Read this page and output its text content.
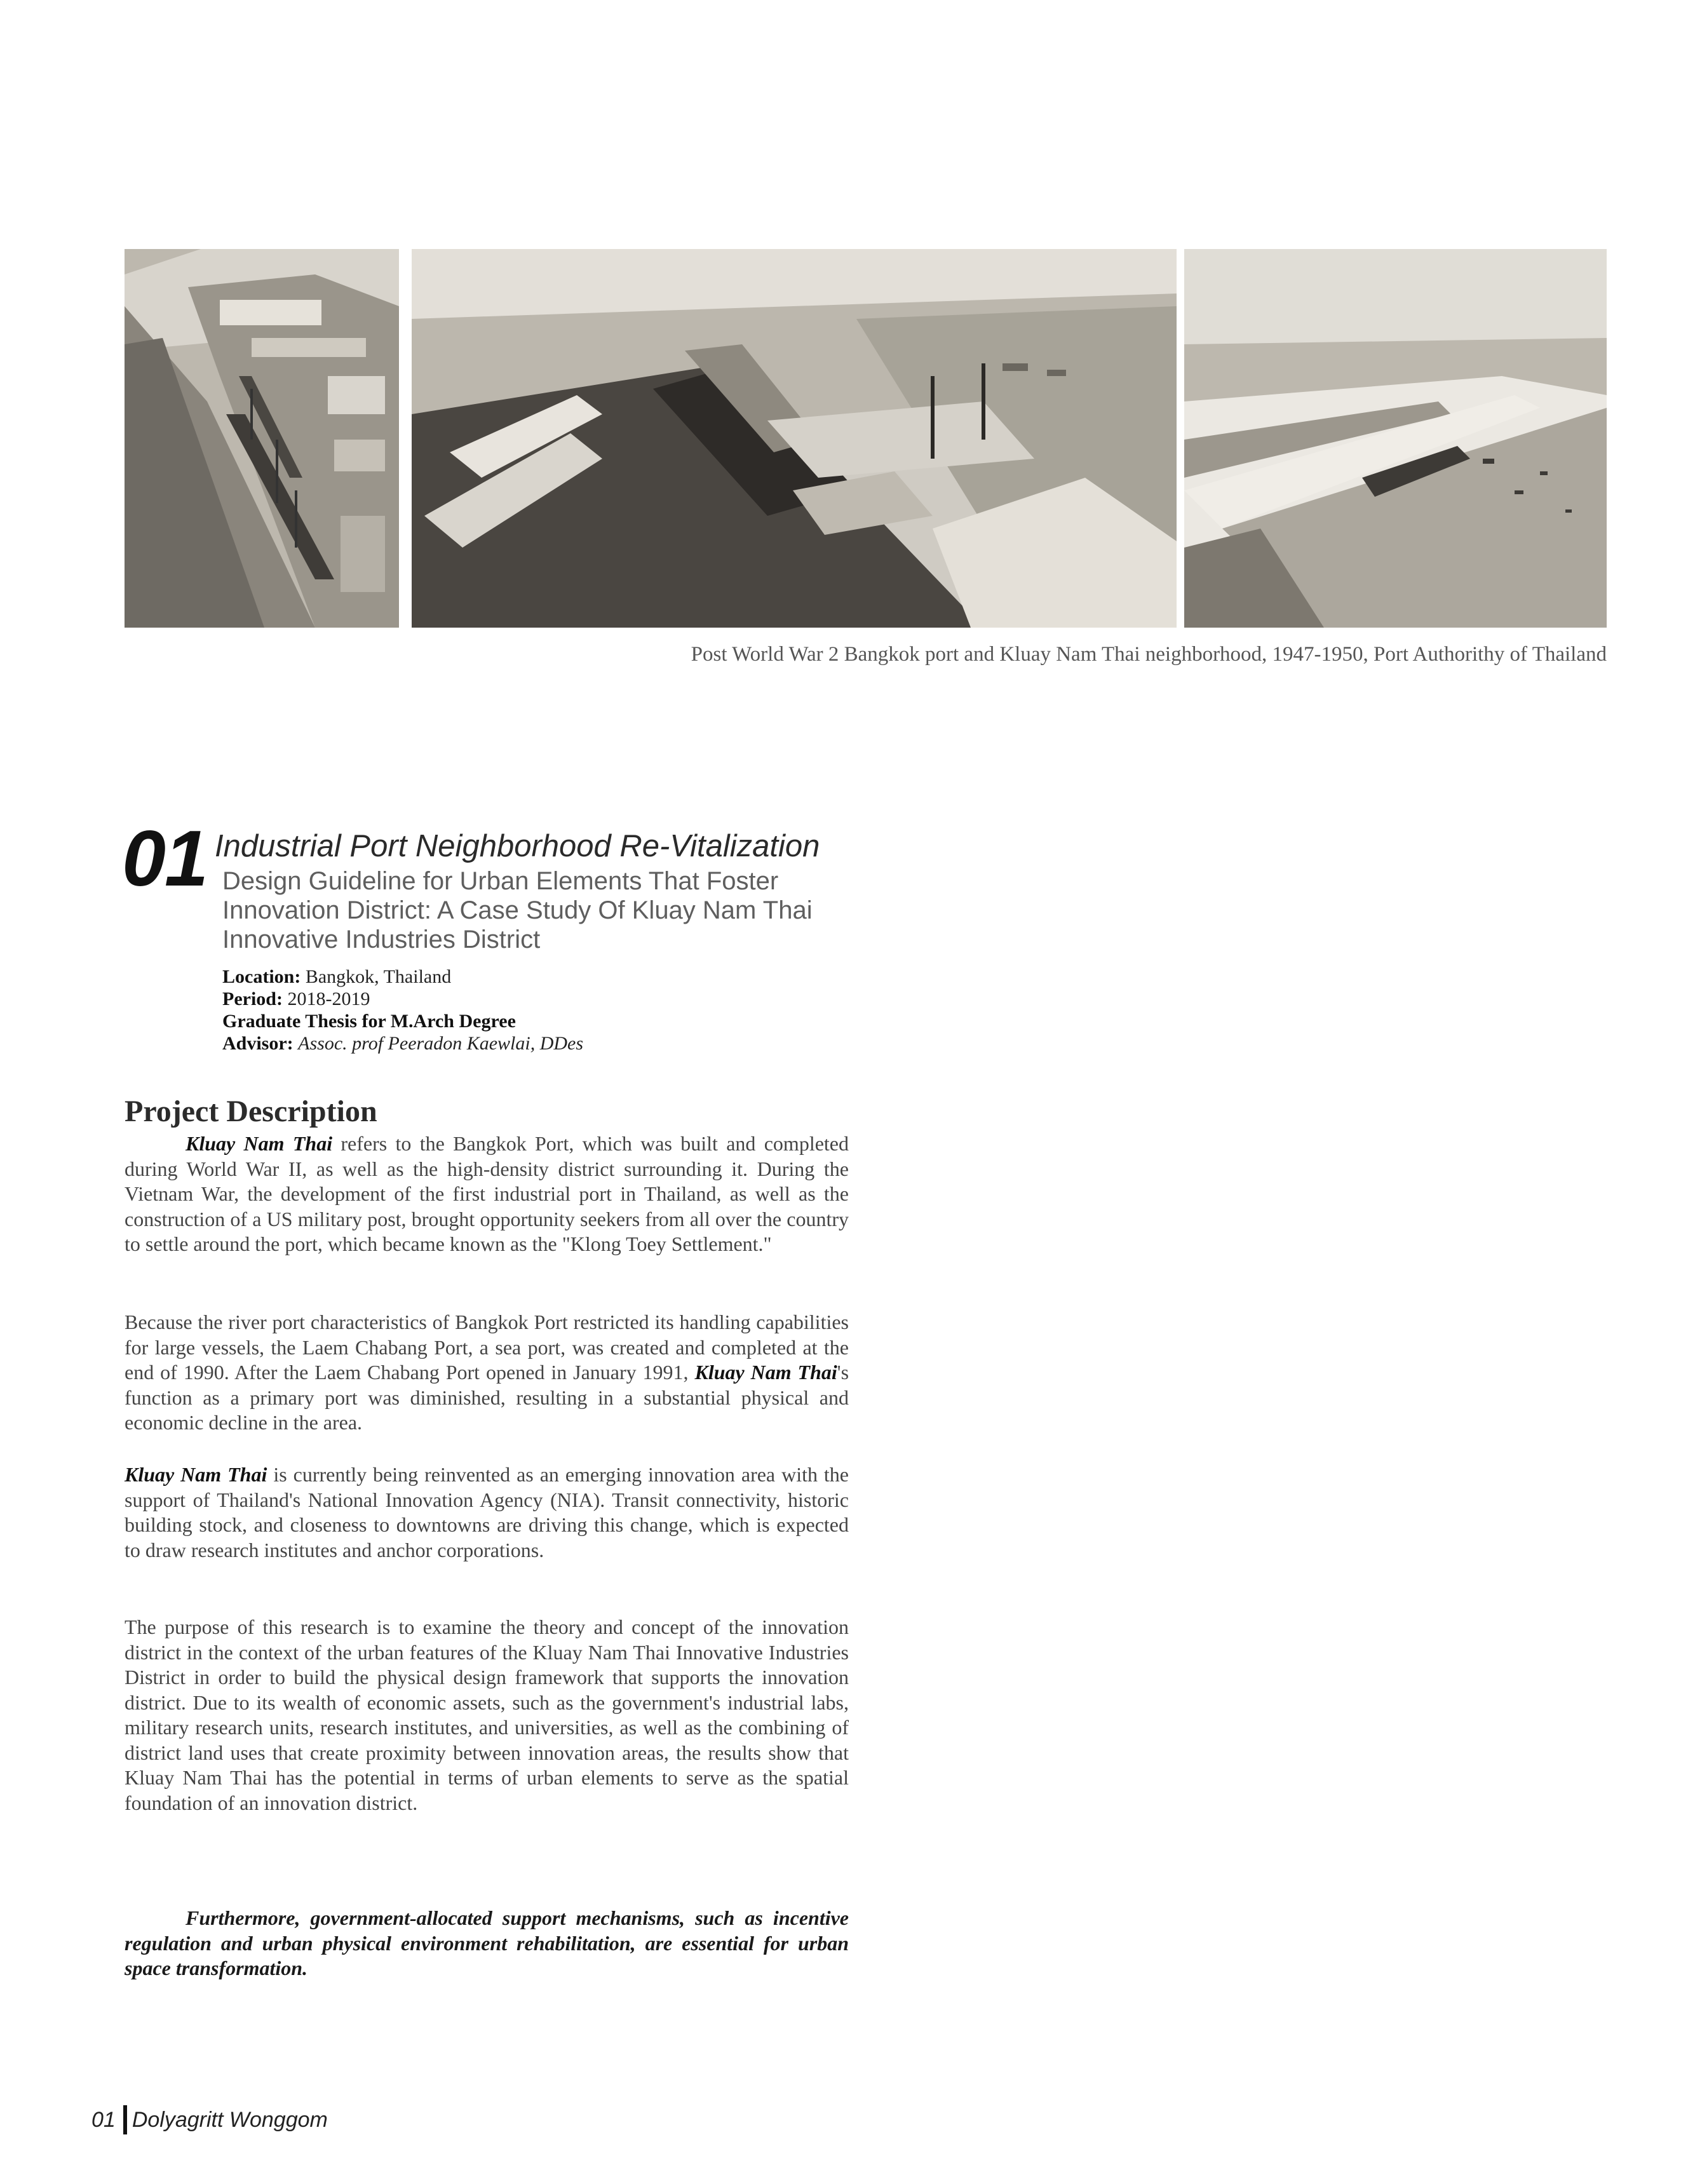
Post World War 2 Bangkok port and Kluay Nam Thai neighborhood, 1947-1950, Port Authorithy of Thailand
01 Industrial Port Neighborhood Re-Vitalization
Design Guideline for Urban Elements That Foster Innovation District: A Case Study Of Kluay Nam Thai Innovative Industries District
Location: Bangkok, Thailand
Period: 2018-2019
Graduate Thesis for M.Arch Degree
Advisor: Assoc. prof Peeradon Kaewlai, DDes
Project Description

Kluay Nam Thai refers to the Bangkok Port, which was built and completed during World War II, as well as the high-density district surrounding it. During the Vietnam War, the development of the first industrial port in Thailand, as well as the construction of a US military post, brought opportunity seekers from all over the country to settle around the port, which became known as the "Klong Toey Settlement."

Because the river port characteristics of Bangkok Port restricted its handling capabilities for large vessels, the Laem Chabang Port, a sea port, was created and completed at the end of 1990. After the Laem Chabang Port opened in January 1991, Kluay Nam Thai's function as a primary port was diminished, resulting in a substantial physical and economic decline in the area.

Kluay Nam Thai is currently being reinvented as an emerging innovation area with the support of Thailand's National Innovation Agency (NIA). Transit connectivity, historic building stock, and closeness to downtowns are driving this change, which is expected to draw research institutes and anchor corporations.

The purpose of this research is to examine the theory and concept of the innovation district in the context of the urban features of the Kluay Nam Thai Innovative Industries District in order to build the physical design framework that supports the innovation district. Due to its wealth of economic assets, such as the government's industrial labs, military research units, research institutes, and universities, as well as the combining of district land uses that create proximity between innovation areas, the results show that Kluay Nam Thai has the potential in terms of urban elements to serve as the spatial foundation of an innovation district.

Furthermore, government-allocated support mechanisms, such as incentive regulation and urban physical environment rehabilitation, are essential for urban space transformation.

01 Dolyagritt Wonggom
